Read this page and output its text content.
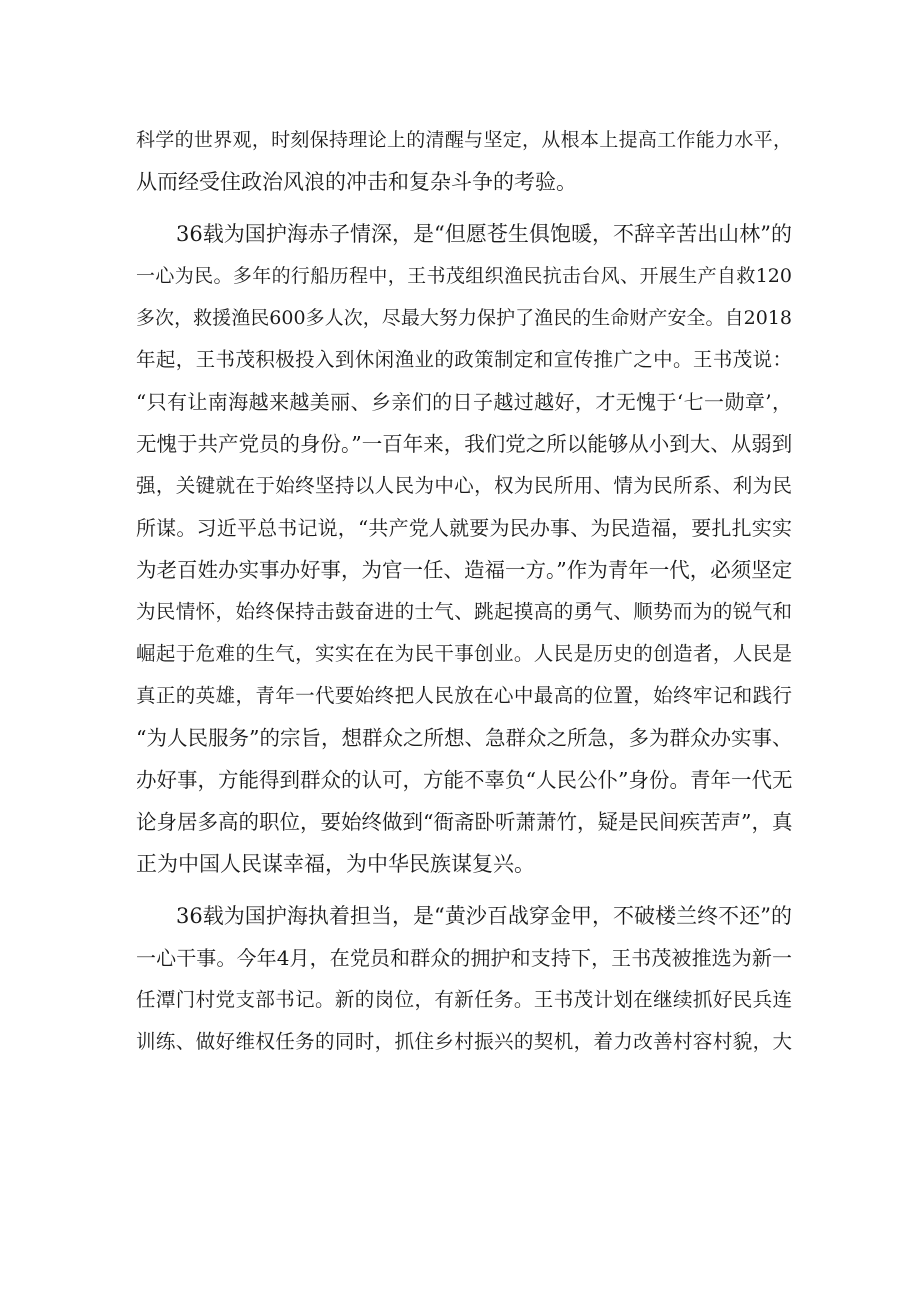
科学的世界观，时刻保持理论上的清醒与坚定，从根本上提高工作能力水平，
从而经受住政治风浪的冲击和复杂斗争的考验。
36载为国护海赤子情深，是“但愿苍生俱饱暖，不辞辛苦出山林”的
一心为民。多年的行船历程中，王书茂组织渔民抗击台风、开展生产自救120
多次，救援渔民600多人次，尽最大努力保护了渔民的生命财产安全。自2018
年起，王书茂积极投入到休闲渔业的政策制定和宣传推广之中。王书茂说：
“只有让南海越来越美丽、乡亲们的日子越过越好，才无愧于‘七一勋章’，
无愧于共产党员的身份。”一百年来，我们党之所以能够从小到大、从弱到
强，关键就在于始终坚持以人民为中心，权为民所用、情为民所系、利为民
所谋。习近平总书记说，“共产党人就要为民办事、为民造福，要扎扎实实
为老百姓办实事办好事，为官一任、造福一方。”作为青年一代，必须坚定
为民情怀，始终保持击鼓奋进的士气、跳起摸高的勇气、顺势而为的锐气和
崛起于危难的生气，实实在在为民干事创业。人民是历史的创造者，人民是
真正的英雄，青年一代要始终把人民放在心中最高的位置，始终牢记和践行
“为人民服务”的宗旨，想群众之所想、急群众之所急，多为群众办实事、
办好事，方能得到群众的认可，方能不辜负“人民公仆”身份。青年一代无
论身居多高的职位，要始终做到“衙斋卧听萧萧竹，疑是民间疾苦声”，真
正为中国人民谋幸福，为中华民族谋复兴。
36载为国护海执着担当，是“黄沙百战穿金甲，不破楼兰终不还”的
一心干事。今年4月，在党员和群众的拥护和支持下，王书茂被推选为新一
任潭门村党支部书记。新的岗位，有新任务。王书茂计划在继续抓好民兵连
训练、做好维权任务的同时，抓住乡村振兴的契机，着力改善村容村貌，大
